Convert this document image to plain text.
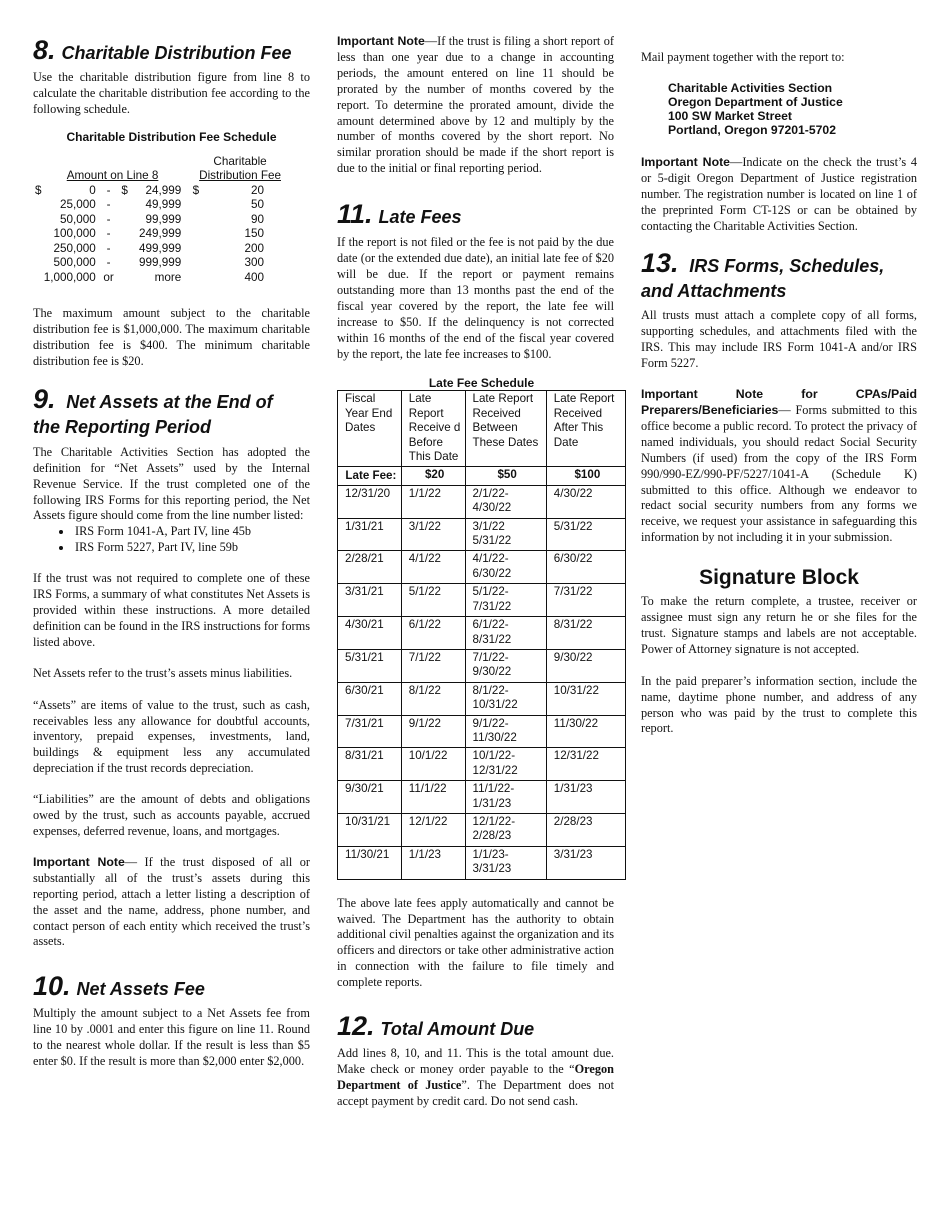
8. Charitable Distribution Fee

Use the charitable distribution figure from line 8 to calculate the charitable distribution fee according to the following schedule.

Charitable Distribution Fee Schedule
						Charitable
	Amount on Line 8					Distribution Fee
$	0	-	$	24,999	$	20
	25,000	-		49,999		50
	50,000	-		99,999		90
	100,000	-		249,999		150
	250,000	-		499,999		200
	500,000	-		999,999		300
	1,000,000	or		more		400

The maximum amount subject to the charitable distribution fee is $1,000,000. The maximum charitable distribution fee is $400. The minimum charitable distribution fee is $20.

9. Net Assets at the End of
the Reporting Period

The Charitable Activities Section has adopted the definition for “Net Assets” used by the Internal Revenue Service. If the trust completed one of the following IRS Forms for this reporting period, the Net Assets figure should come from the line number listed:

• IRS Form 1041-A, Part IV, line 45b
• IRS Form 5227, Part IV, line 59b

If the trust was not required to complete one of these IRS Forms, a summary of what constitutes Net Assets is provided within these instructions. A more detailed definition can be found in the IRS instructions for forms listed above.

Net Assets refer to the trust’s assets minus liabilities.

“Assets” are items of value to the trust, such as cash, receivables less any allowance for doubtful accounts, inventory, prepaid expenses, investments, land, buildings & equipment less any accumulated depreciation if the trust records depreciation.

“Liabilities” are the amount of debts and obligations owed by the trust, such as accounts payable, accrued expenses, deferred revenue, loans, and mortgages.

Important Note— If the trust disposed of all or substantially all of the trust’s assets during this reporting period, attach a letter listing a description of the asset and the name, address, phone number, and contact person of each entity which received the trust’s assets.

10. Net Assets Fee

Multiply the amount subject to a Net Assets fee from line 10 by .0001 and enter this figure on line 11. Round to the nearest whole dollar. If the result is less than $5 enter $0. If the result is more than $2,000 enter $2,000.

Important Note—If the trust is filing a short report of less than one year due to a change in accounting periods, the amount entered on line 11 should be prorated by the number of months covered by the report. To determine the prorated amount, divide the amount determined above by 12 and multiply by the number of months covered by the short report. No similar proration should be made if the short report is due to the initial or final reporting period.

11. Late Fees

If the report is not filed or the fee is not paid by the due date (or the extended due date), an initial late fee of $20 will be due. If the report or payment remains outstanding more than 13 months past the end of the fiscal year covered by the report, the late fee will increase to $50. If the delinquency is not corrected within 16 months of the end of the fiscal year covered by the report, the late fee increases to $100.

Late Fee Schedule
Fiscal Year End Dates	Late Report Receive d Before This Date	Late Report Received Between These Dates	Late Report Received After This Date
Late Fee:	$20	$50	$100
12/31/20	1/1/22	2/1/22-4/30/22	4/30/22
1/31/21	3/1/22	3/1/22 5/31/22	5/31/22
2/28/21	4/1/22	4/1/22-6/30/22	6/30/22
3/31/21	5/1/22	5/1/22-7/31/22	7/31/22
4/30/21	6/1/22	6/1/22-8/31/22	8/31/22
5/31/21	7/1/22	7/1/22-9/30/22	9/30/22
6/30/21	8/1/22	8/1/22-10/31/22	10/31/22
7/31/21	9/1/22	9/1/22-11/30/22	11/30/22
8/31/21	10/1/22	10/1/22-12/31/22	12/31/22
9/30/21	11/1/22	11/1/22-1/31/23	1/31/23
10/31/21	12/1/22	12/1/22-2/28/23	2/28/23
11/30/21	1/1/23	1/1/23-3/31/23	3/31/23

The above late fees apply automatically and cannot be waived. The Department has the authority to obtain additional civil penalties against the organization and its officers and directors or take other administrative action in connection with the failure to file timely and complete reports.

12. Total Amount Due

Add lines 8, 10, and 11. This is the total amount due. Make check or money order payable to the “Oregon Department of Justice”. The Department does not accept payment by credit card. Do not send cash.

Mail payment together with the report to:

Charitable Activities Section
Oregon Department of Justice
100 SW Market Street
Portland, Oregon 97201-5702

Important Note—Indicate on the check the trust’s 4 or 5-digit Oregon Department of Justice registration number. The registration number is located on line 1 of the preprinted Form CT-12S or can be obtained by contacting the Charitable Activities Section.

13. IRS Forms, Schedules,
and Attachments

All trusts must attach a complete copy of all forms, supporting schedules, and attachments filed with the IRS. This may include IRS Form 1041-A and/or IRS Form 5227.

Important Note for CPAs/Paid Preparers/Beneficiaries— Forms submitted to this office become a public record. To protect the privacy of named individuals, you should redact Social Security Numbers (if used) from the copy of the IRS Form 990/990-EZ/990-PF/5227/1041-A (Schedule K) submitted to this office. Although we endeavor to redact social security numbers from any forms we receive, we request your assistance in safeguarding this information by not including it in your submission.

Signature Block

To make the return complete, a trustee, receiver or assignee must sign any return he or she files for the trust. Signature stamps and labels are not acceptable. Power of Attorney signature is not accepted.

In the paid preparer’s information section, include the name, daytime phone number, and address of any person who was paid by the trust to complete this report.
